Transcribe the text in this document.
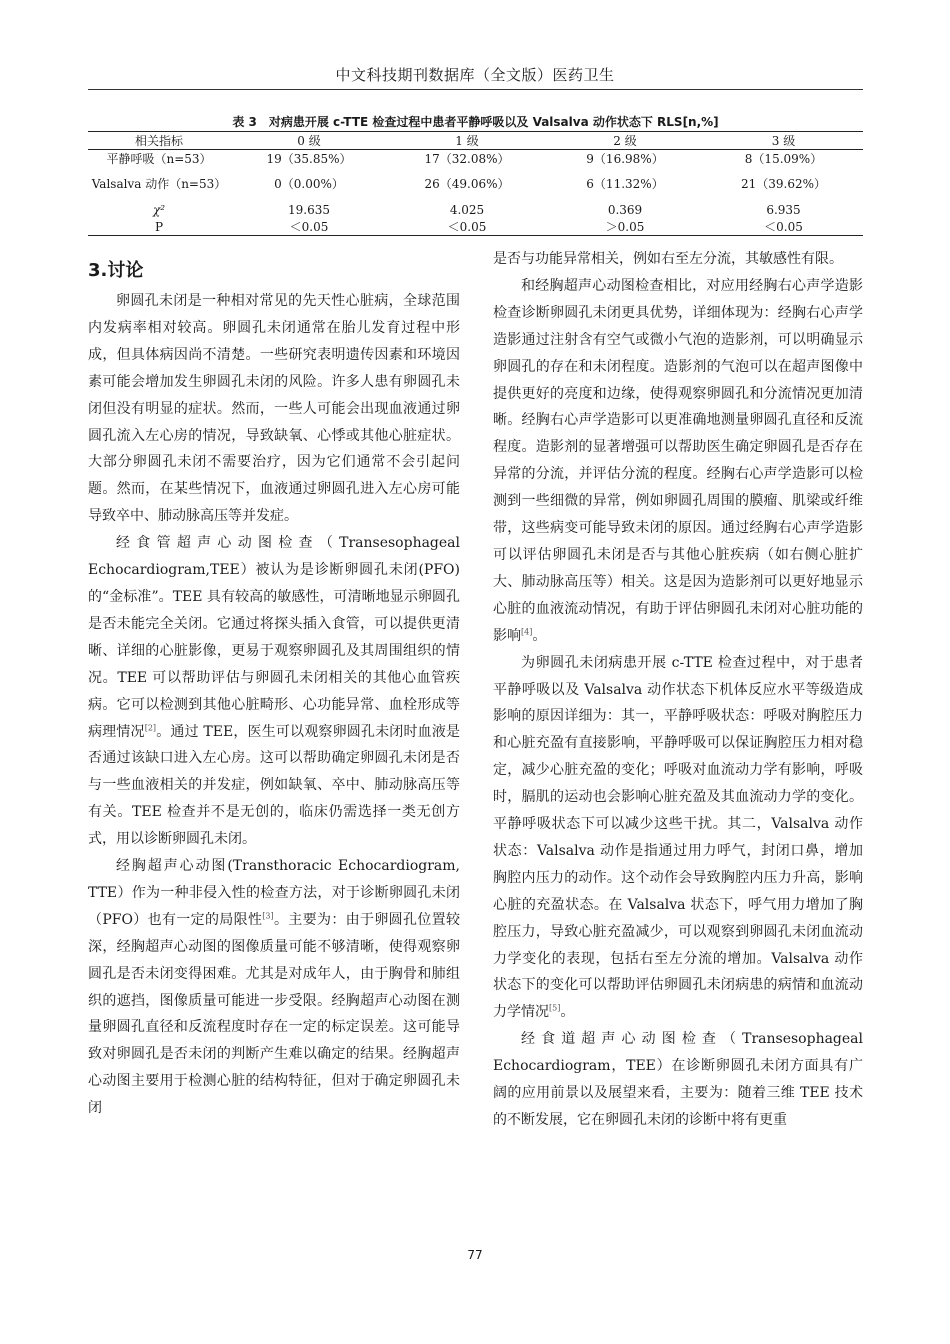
中文科技期刊数据库（全文版）医药卫生
表 3　对病患开展 c-TTE 检查过程中患者平静呼吸以及 Valsalva 动作状态下 RLS[n,%]
相关指标	0 级	1 级	2 级	3 级
平静呼吸（n=53）	19（35.85%）	17（32.08%）	9（16.98%）	8（15.09%）
Valsalva 动作（n=53）	0（0.00%）	26（49.06%）	6（11.32%）	21（39.62%）
χ²	19.635	4.025	0.369	6.935
P	＜0.05	＜0.05	＞0.05	＜0.05
3.讨论

卵圆孔未闭是一种相对常见的先天性心脏病，全球范围内发病率相对较高。卵圆孔未闭通常在胎儿发育过程中形成，但具体病因尚不清楚。一些研究表明遗传因素和环境因素可能会增加发生卵圆孔未闭的风险。许多人患有卵圆孔未闭但没有明显的症状。然而，一些人可能会出现血液通过卵圆孔流入左心房的情况，导致缺氧、心悸或其他心脏症状。大部分卵圆孔未闭不需要治疗，因为它们通常不会引起问题。然而，在某些情况下，血液通过卵圆孔进入左心房可能导致卒中、肺动脉高压等并发症。

经食管超声心动图检查（Transesophageal Echocardiogram,TEE）被认为是诊断卵圆孔未闭(PFO)的“金标准”。TEE 具有较高的敏感性，可清晰地显示卵圆孔是否未能完全关闭。它通过将探头插入食管，可以提供更清晰、详细的心脏影像，更易于观察卵圆孔及其周围组织的情况。TEE 可以帮助评估与卵圆孔未闭相关的其他心血管疾病。它可以检测到其他心脏畸形、心功能异常、血栓形成等病理情况[2]。通过 TEE，医生可以观察卵圆孔未闭时血液是否通过该缺口进入左心房。这可以帮助确定卵圆孔未闭是否与一些血液相关的并发症，例如缺氧、卒中、肺动脉高压等有关。TEE 检查并不是无创的，临床仍需选择一类无创方式，用以诊断卵圆孔未闭。

经胸超声心动图(Transthoracic Echocardiogram, TTE）作为一种非侵入性的检查方法，对于诊断卵圆孔未闭（PFO）也有一定的局限性[3]。主要为：由于卵圆孔位置较深，经胸超声心动图的图像质量可能不够清晰，使得观察卵圆孔是否未闭变得困难。尤其是对成年人，由于胸骨和肺组织的遮挡，图像质量可能进一步受限。经胸超声心动图在测量卵圆孔直径和反流程度时存在一定的标定误差。这可能导致对卵圆孔是否未闭的判断产生难以确定的结果。经胸超声心动图主要用于检测心脏的结构特征，但对于确定卵圆孔未闭

是否与功能异常相关，例如右至左分流，其敏感性有限。

和经胸超声心动图检查相比，对应用经胸右心声学造影检查诊断卵圆孔未闭更具优势，详细体现为：经胸右心声学造影通过注射含有空气或微小气泡的造影剂，可以明确显示卵圆孔的存在和未闭程度。造影剂的气泡可以在超声图像中提供更好的亮度和边缘，使得观察卵圆孔和分流情况更加清晰。经胸右心声学造影可以更准确地测量卵圆孔直径和反流程度。造影剂的显著增强可以帮助医生确定卵圆孔是否存在异常的分流，并评估分流的程度。经胸右心声学造影可以检测到一些细微的异常，例如卵圆孔周围的膜瘤、肌梁或纤维带，这些病变可能导致未闭的原因。通过经胸右心声学造影可以评估卵圆孔未闭是否与其他心脏疾病（如右侧心脏扩大、肺动脉高压等）相关。这是因为造影剂可以更好地显示心脏的血液流动情况，有助于评估卵圆孔未闭对心脏功能的影响[4]。

为卵圆孔未闭病患开展 c-TTE 检查过程中，对于患者平静呼吸以及 Valsalva 动作状态下机体反应水平等级造成影响的原因详细为：其一，平静呼吸状态：呼吸对胸腔压力和心脏充盈有直接影响，平静呼吸可以保证胸腔压力相对稳定，减少心脏充盈的变化；呼吸对血流动力学有影响，呼吸时，膈肌的运动也会影响心脏充盈及其血流动力学的变化。平静呼吸状态下可以减少这些干扰。其二，Valsalva 动作状态：Valsalva 动作是指通过用力呼气，封闭口鼻，增加胸腔内压力的动作。这个动作会导致胸腔内压力升高，影响心脏的充盈状态。在 Valsalva 状态下，呼气用力增加了胸腔压力，导致心脏充盈减少，可以观察到卵圆孔未闭血流动力学变化的表现，包括右至左分流的增加。Valsalva 动作状态下的变化可以帮助评估卵圆孔未闭病患的病情和血流动力学情况[5]。

经食道超声心动图检查（Transesophageal Echocardiogram，TEE）在诊断卵圆孔未闭方面具有广阔的应用前景以及展望来看，主要为：随着三维 TEE 技术的不断发展，它在卵圆孔未闭的诊断中将有更重

77
